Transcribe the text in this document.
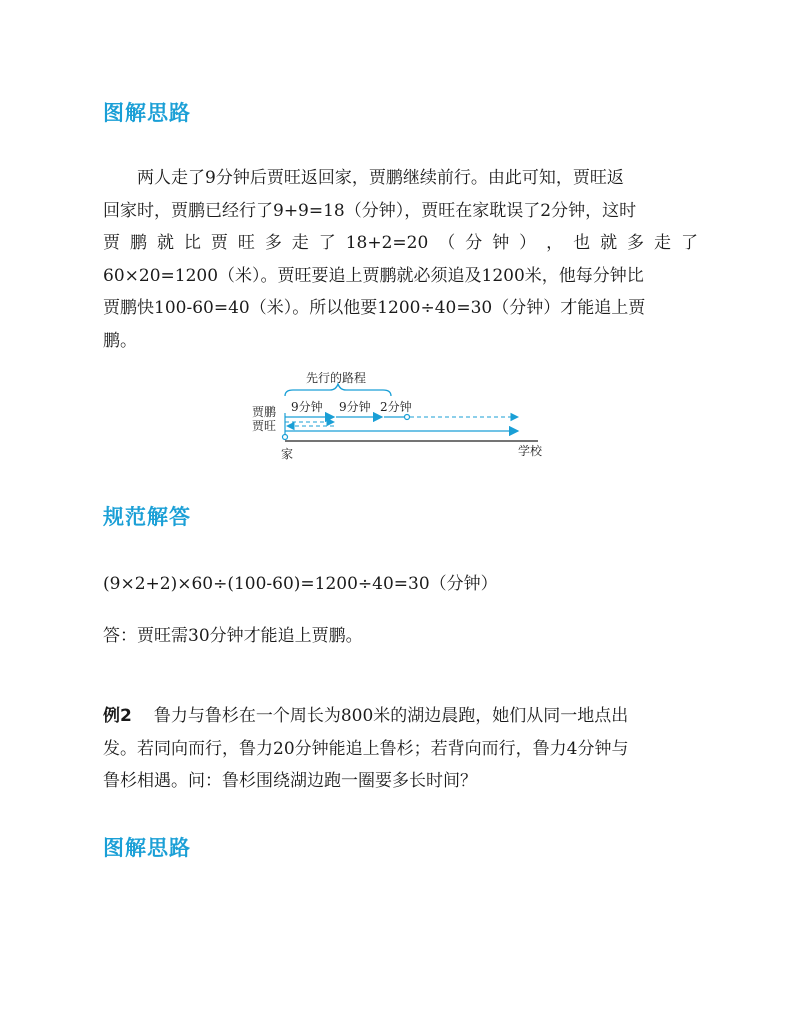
图解思路
两人走了9分钟后贾旺返回家，贾鹏继续前行。由此可知，贾旺返
回家时，贾鹏已经行了9+9=18（分钟），贾旺在家耽误了2分钟，这时
贾 鹏 就 比 贾 旺 多 走 了 18+2=20 （ 分 钟 ） ， 也 就 多 走 了
60×20=1200（米）。贾旺要追上贾鹏就必须追及1200米，他每分钟比
贾鹏快100-60=40（米）。所以他要1200÷40=30（分钟）才能追上贾
鹏。
先行的路程
9分钟 9分钟 2分钟
贾鹏
贾旺
家	学校
规范解答
(9×2+2)×60÷(100-60)=1200÷40=30（分钟）
答：贾旺需30分钟才能追上贾鹏。
例2 鲁力与鲁杉在一个周长为800米的湖边晨跑，她们从同一地点出
发。若同向而行，鲁力20分钟能追上鲁杉；若背向而行，鲁力4分钟与
鲁杉相遇。问：鲁杉围绕湖边跑一圈要多长时间？
图解思路
